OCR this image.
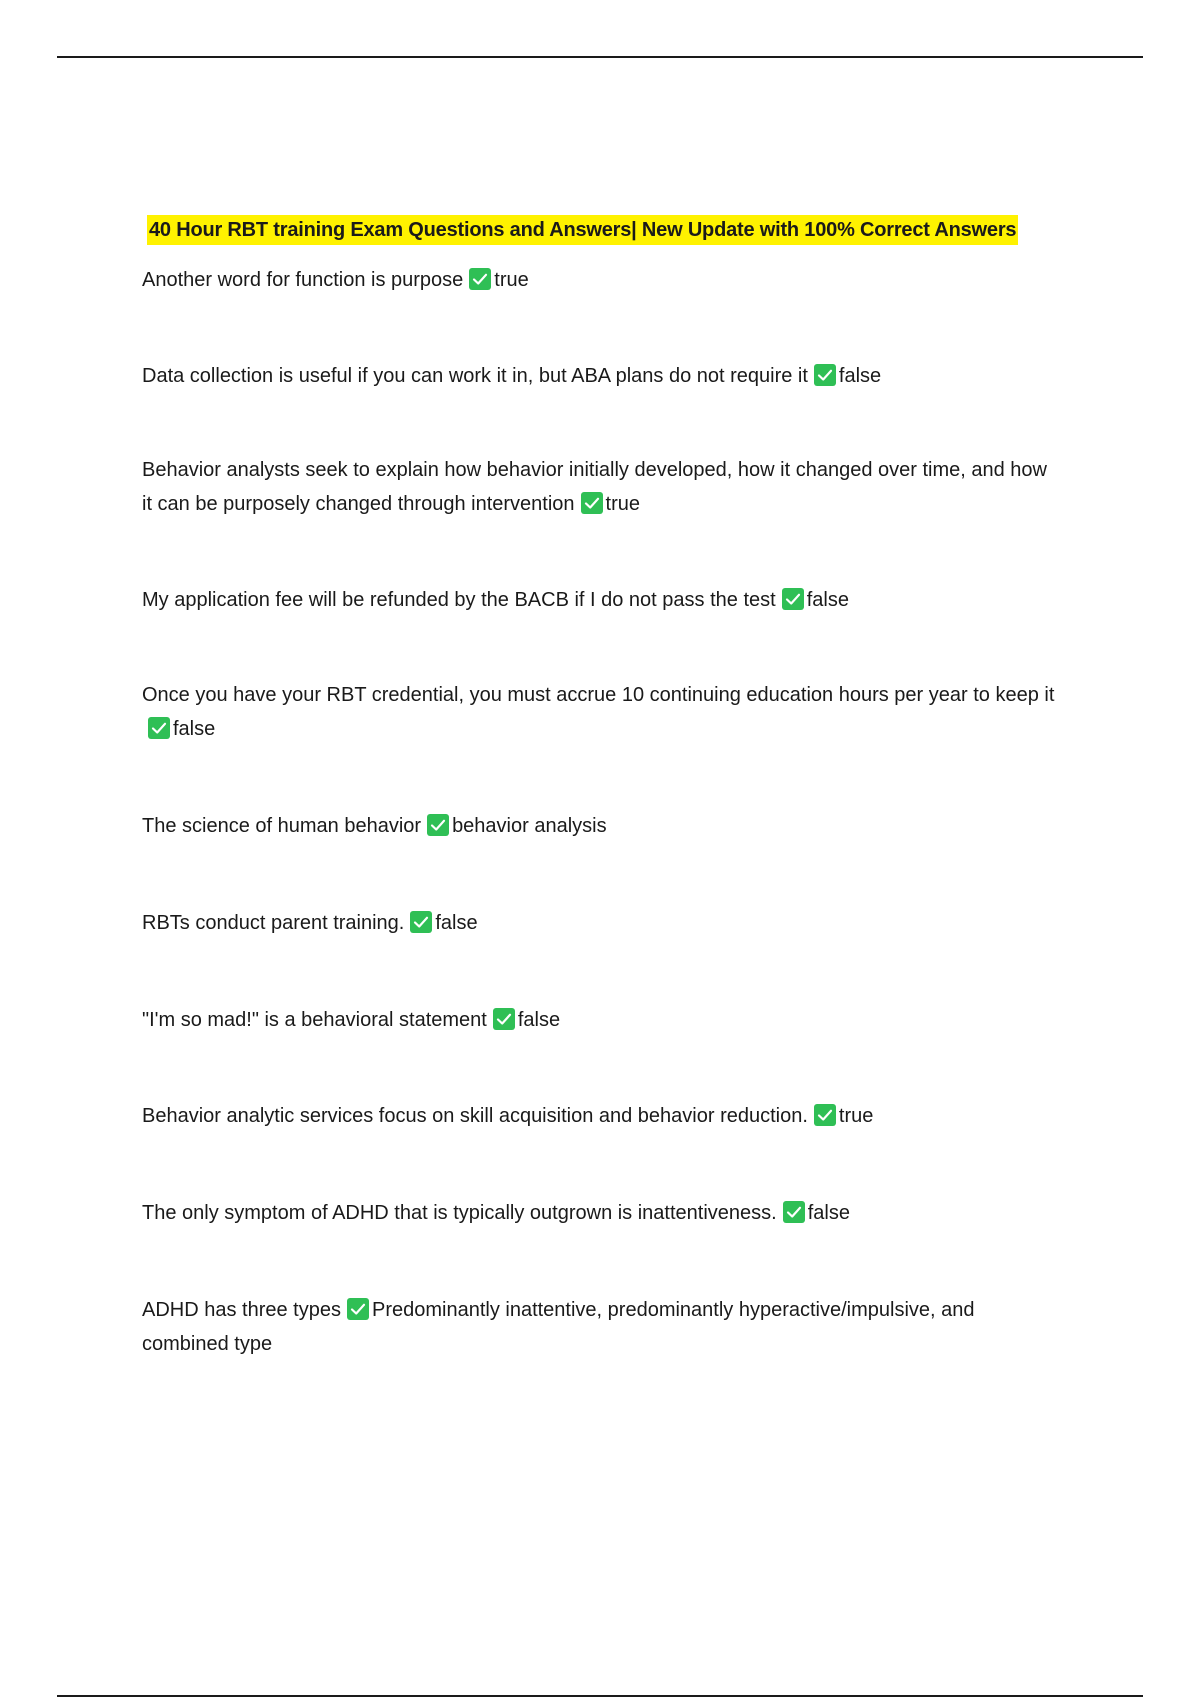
40 Hour RBT training Exam Questions and Answers| New Update with 100% Correct Answers
Another word for function is purpose true
Data collection is useful if you can work it in, but ABA plans do not require it false
Behavior analysts seek to explain how behavior initially developed, how it changed over time, and how it can be purposely changed through intervention true
My application fee will be refunded by the BACB if I do not pass the test false
Once you have your RBT credential, you must accrue 10 continuing education hours per year to keep it
false
The science of human behavior behavior analysis
RBTs conduct parent training. false
"I'm so mad!" is a behavioral statement false
Behavior analytic services focus on skill acquisition and behavior reduction. true
The only symptom of ADHD that is typically outgrown is inattentiveness. false
ADHD has three types Predominantly inattentive, predominantly hyperactive/impulsive, and combined type
